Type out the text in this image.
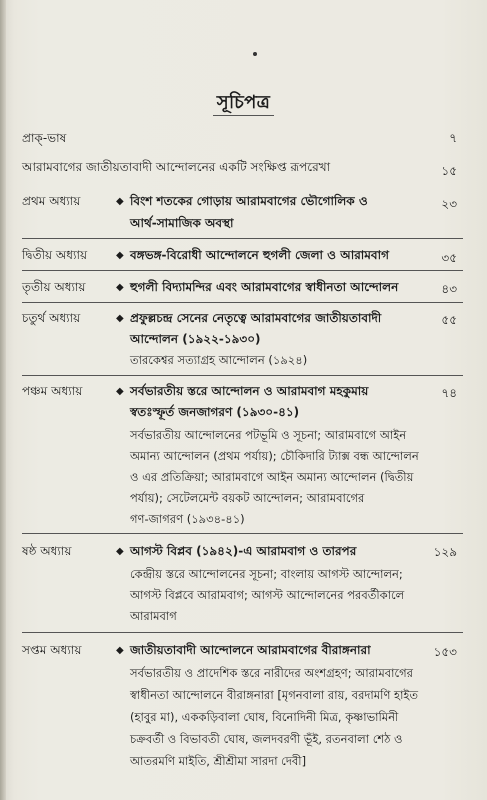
সূচিপত্র
প্রাক্-ভাষ	৭
আরামবাগের জাতীয়তাবাদী আন্দোলনের একটি সংক্ষিপ্ত রূপরেখা	১৫
প্রথম অধ্যায়	◆ বিংশ শতকের গোড়ায় আরামবাগের ভৌগোলিক ও
আর্থ-সামাজিক অবস্থা
২৩
দ্বিতীয় অধ্যায়	◆ বঙ্গভঙ্গ-বিরোধী আন্দোলনে হুগলী জেলা ও আরামবাগ	৩৫
তৃতীয় অধ্যায়	◆ হুগলী বিদ্যামন্দির এবং আরামবাগের স্বাধীনতা আন্দোলন	৪৩
চতুর্থ অধ্যায়	◆ প্রফুল্লচন্দ্র সেনের নেতৃত্বে আরামবাগের জাতীয়তাবাদী
আন্দোলন (১৯২২-১৯৩০)
তারকেশ্বর সত্যাগ্রহ আন্দোলন (১৯২৪)
৫৫
পঞ্চম অধ্যায়	◆ সর্বভারতীয় স্তরে আন্দোলন ও আরামবাগ মহকুমায়
স্বতঃস্ফূর্ত জনজাগরণ (১৯৩০-৪১)
সর্বভারতীয় আন্দোলনের পটভূমি ও সূচনা; আরামবাগে আইন
অমান্য আন্দোলন (প্রথম পর্যায়); চৌকিদারি ট্যাক্স বন্ধ আন্দোলন
ও এর প্রতিক্রিয়া; আরামবাগে আইন অমান্য আন্দোলন (দ্বিতীয়
পর্যায়); সেটেলমেন্ট বয়কট আন্দোলন; আরামবাগের
গণ-জাগরণ (১৯৩৪-৪১)
৭৪
ষষ্ঠ অধ্যায়	◆ আগস্ট বিপ্লব (১৯৪২)-এ আরামবাগ ও তারপর
কেন্দ্রীয় স্তরে আন্দোলনের সূচনা; বাংলায় আগস্ট আন্দোলন;
আগস্ট বিপ্লবে আরামবাগ; আগস্ট আন্দোলনের পরবর্তীকালে
আরামবাগ
১২৯
সপ্তম অধ্যায়	◆ জাতীয়তাবাদী আন্দোলনে আরামবাগের বীরাঙ্গনারা
সর্বভারতীয় ও প্রাদেশিক স্তরে নারীদের অংশগ্রহণ; আরামবাগের
স্বাধীনতা আন্দোলনে বীরাঙ্গনারা [মৃগনবালা রায়, বরদামণি হাইত
(হাবুর মা), এককড়িবালা ঘোষ, বিনোদিনী মিত্র, কৃষ্ণাভামিনী
চক্রবর্তী ও বিভাবতী ঘোষ, জলদবরণী ভূঁই, রতনবালা শেঠ ও
আতরমণি মাইতি, শ্রীশ্রীমা সারদা দেবী]
১৫৩
